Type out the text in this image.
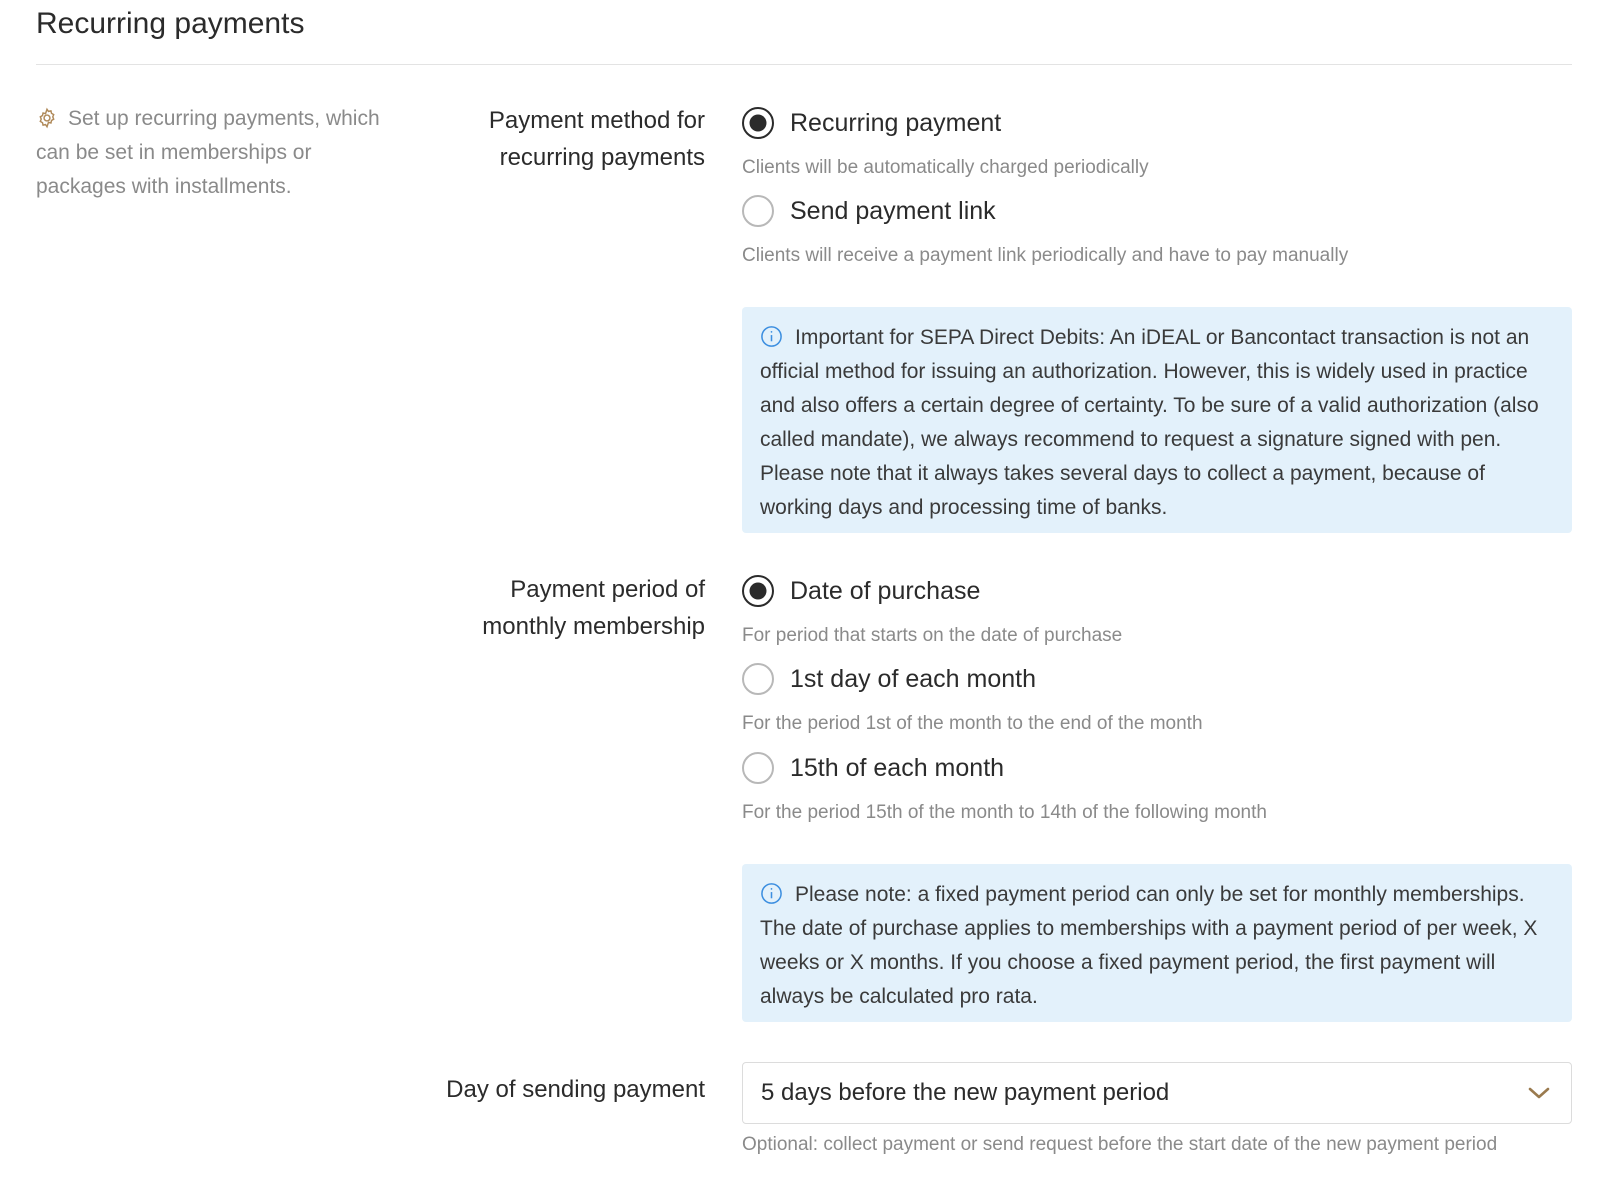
Recurring payments

Set up recurring payments, which can be set in memberships or packages with installments.

Payment method for recurring payments
Recurring payment
Clients will be automatically charged periodically
Send payment link
Clients will receive a payment link periodically and have to pay manually
Important for SEPA Direct Debits: An iDEAL or Bancontact transaction is not an official method for issuing an authorization. However, this is widely used in practice and also offers a certain degree of certainty. To be sure of a valid authorization (also called mandate), we always recommend to request a signature signed with pen. Please note that it always takes several days to collect a payment, because of working days and processing time of banks.
Payment period of monthly membership
Date of purchase
For period that starts on the date of purchase
1st day of each month
For the period 1st of the month to the end of the month
15th of each month
For the period 15th of the month to 14th of the following month
Please note: a fixed payment period can only be set for monthly memberships. The date of purchase applies to memberships with a payment period of per week, X weeks or X months. If you choose a fixed payment period, the first payment will always be calculated pro rata.
Day of sending payment 5 days before the new payment period
Optional: collect payment or send request before the start date of the new payment period
